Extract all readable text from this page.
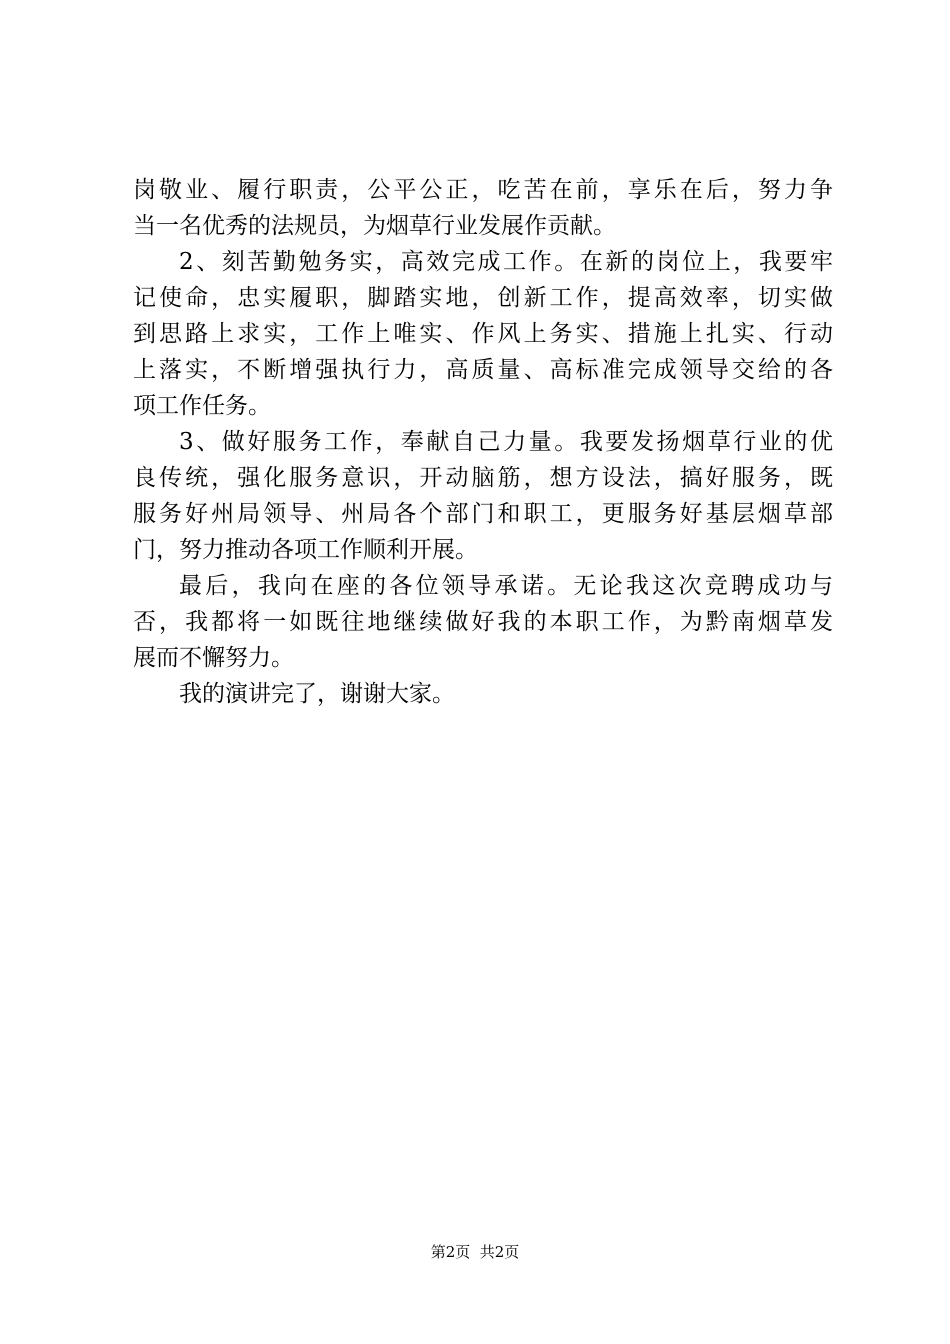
岗敬业、履行职责，公平公正，吃苦在前，享乐在后，努力争
当一名优秀的法规员，为烟草行业发展作贡献。
2、刻苦勤勉务实，高效完成工作。在新的岗位上，我要牢
记使命，忠实履职，脚踏实地，创新工作，提高效率，切实做
到思路上求实，工作上唯实、作风上务实、措施上扎实、行动
上落实，不断增强执行力，高质量、高标准完成领导交给的各
项工作任务。
3、做好服务工作，奉献自己力量。我要发扬烟草行业的优
良传统，强化服务意识，开动脑筋，想方设法，搞好服务，既
服务好州局领导、州局各个部门和职工，更服务好基层烟草部
门，努力推动各项工作顺利开展。
最后，我向在座的各位领导承诺。无论我这次竞聘成功与
否，我都将一如既往地继续做好我的本职工作，为黔南烟草发
展而不懈努力。
我的演讲完了，谢谢大家。
第2页  共2页
